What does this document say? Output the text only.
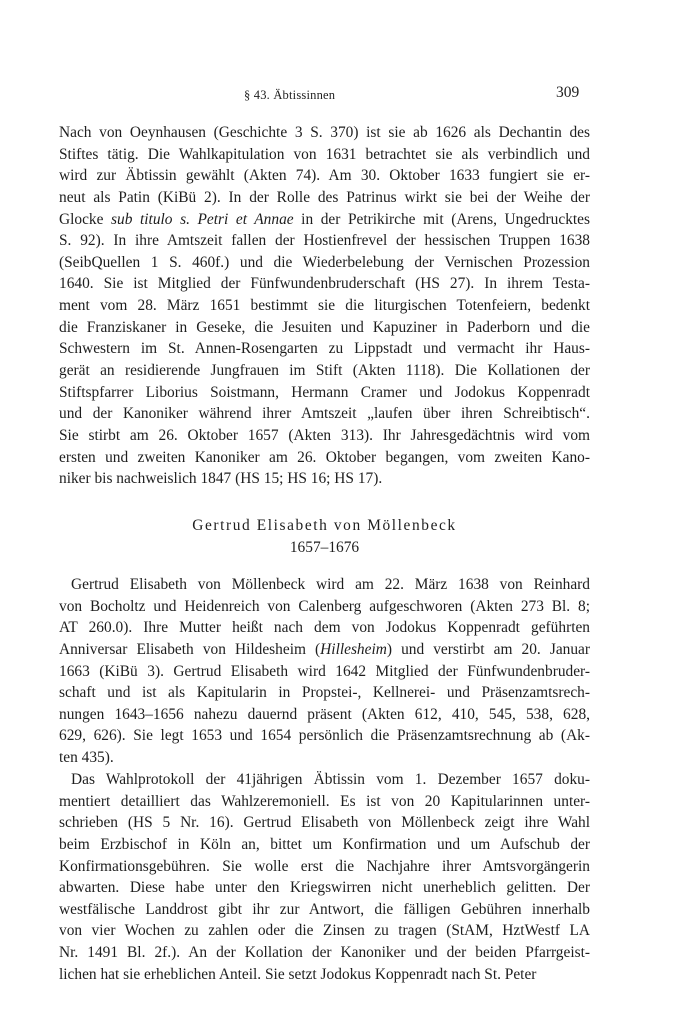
§ 43. Äbtissinnen	309
Nach von Oeynhausen (Geschichte 3 S. 370) ist sie ab 1626 als Dechantin des
Stiftes tätig. Die Wahlkapitulation von 1631 betrachtet sie als verbindlich und
wird zur Äbtissin gewählt (Akten 74). Am 30. Oktober 1633 fungiert sie er-
neut als Patin (KiBü 2). In der Rolle des Patrinus wirkt sie bei der Weihe der
Glocke sub titulo s. Petri et Annae in der Petrikirche mit (Arens, Ungedrucktes
S. 92). In ihre Amtszeit fallen der Hostienfrevel der hessischen Truppen 1638
(SeibQuellen 1 S. 460f.) und die Wiederbelebung der Vernischen Prozession
1640. Sie ist Mitglied der Fünfwundenbruderschaft (HS 27). In ihrem Testa-
ment vom 28. März 1651 bestimmt sie die liturgischen Totenfeiern, bedenkt
die Franziskaner in Geseke, die Jesuiten und Kapuziner in Paderborn und die
Schwestern im St. Annen-Rosengarten zu Lippstadt und vermacht ihr Haus-
gerät an residierende Jungfrauen im Stift (Akten 1118). Die Kollationen der
Stiftspfarrer Liborius Soistmann, Hermann Cramer und Jodokus Koppenradt
und der Kanoniker während ihrer Amtszeit „laufen über ihren Schreibtisch“.
Sie stirbt am 26. Oktober 1657 (Akten 313). Ihr Jahresgedächtnis wird vom
ersten und zweiten Kanoniker am 26. Oktober begangen, vom zweiten Kano-
niker bis nachweislich 1847 (HS 15; HS 16; HS 17).
Gertrud Elisabeth von Möllenbeck
1657–1676
Gertrud Elisabeth von Möllenbeck wird am 22. März 1638 von Reinhard
von Bocholtz und Heidenreich von Calenberg aufgeschworen (Akten 273 Bl. 8;
AT 260.0). Ihre Mutter heißt nach dem von Jodokus Koppenradt geführten
Anniversar Elisabeth von Hildesheim (Hillesheim) und verstirbt am 20. Januar
1663 (KiBü 3). Gertrud Elisabeth wird 1642 Mitglied der Fünfwundenbruder-
schaft und ist als Kapitularin in Propstei-, Kellnerei- und Präsenzamtsrech-
nungen 1643–1656 nahezu dauernd präsent (Akten 612, 410, 545, 538, 628,
629, 626). Sie legt 1653 und 1654 persönlich die Präsenzamtsrechnung ab (Ak-
ten 435).
Das Wahlprotokoll der 41jährigen Äbtissin vom 1. Dezember 1657 doku-
mentiert detailliert das Wahlzeremoniell. Es ist von 20 Kapitularinnen unter-
schrieben (HS 5 Nr. 16). Gertrud Elisabeth von Möllenbeck zeigt ihre Wahl
beim Erzbischof in Köln an, bittet um Konfirmation und um Aufschub der
Konfirmationsgebühren. Sie wolle erst die Nachjahre ihrer Amtsvorgängerin
abwarten. Diese habe unter den Kriegswirren nicht unerheblich gelitten. Der
westfälische Landdrost gibt ihr zur Antwort, die fälligen Gebühren innerhalb
von vier Wochen zu zahlen oder die Zinsen zu tragen (StAM, HztWestf LA
Nr. 1491 Bl. 2f.). An der Kollation der Kanoniker und der beiden Pfarrgeist-
lichen hat sie erheblichen Anteil. Sie setzt Jodokus Koppenradt nach St. Peter
